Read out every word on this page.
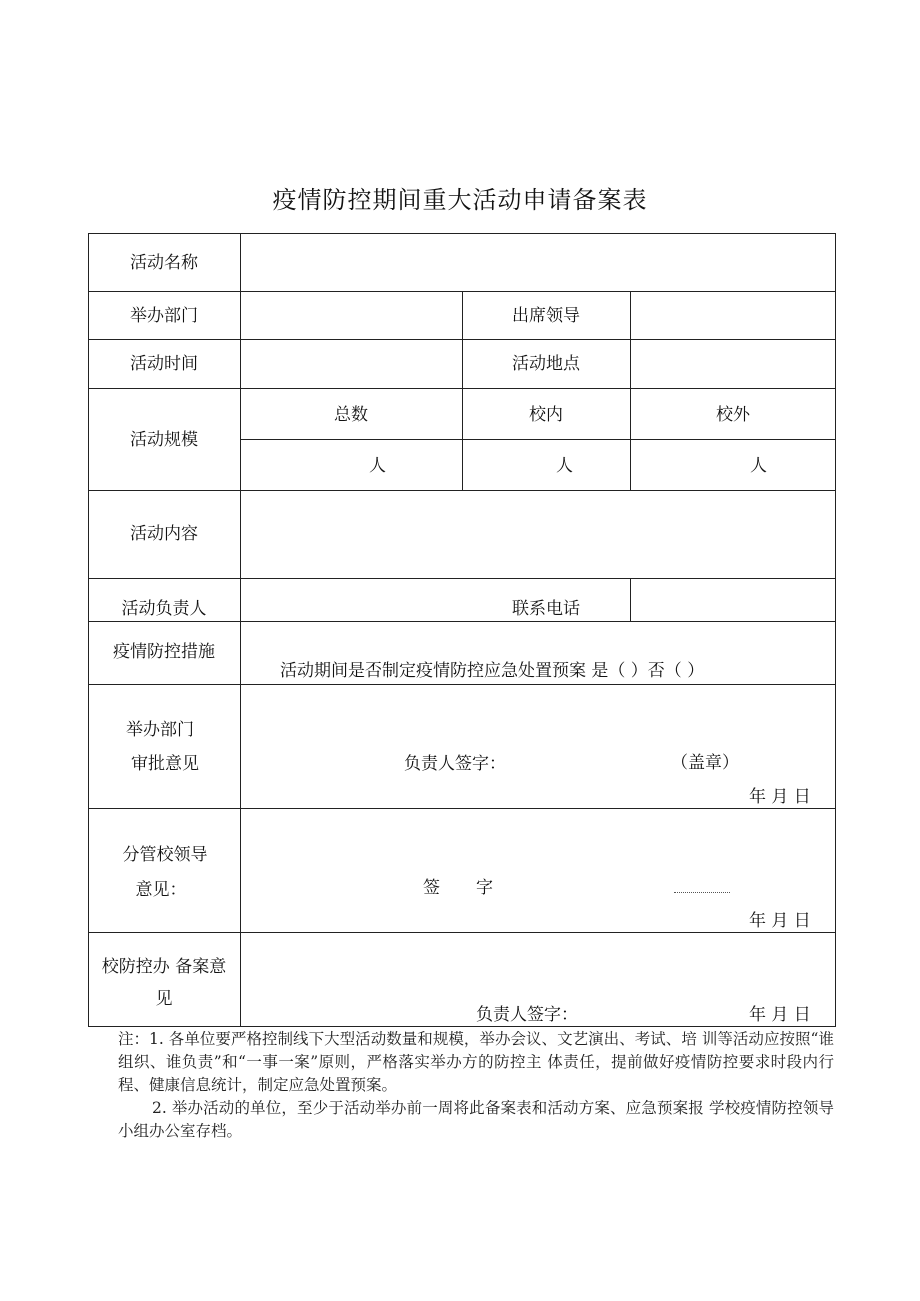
疫情防控期间重大活动申请备案表
活动名称
举办部门	出席领导
活动时间	活动地点
活动规模
总数	校内	校外
人	人	人
活动内容
活动负责人	联系电话
疫情防控措施
活动期间是否制定疫情防控应急处置预案 是（ ）否（ ）
举办部门
审批意见	负责人签字：	（盖章）
年 月 日
分管校领导
意见：	签 字
年 月 日
校防控办 备案意
见
负责人签字：	年 月 日

注：1. 各单位要严格控制线下大型活动数量和规模，举办会议、文艺演出、考试、培 训等活动应按照“谁组织、谁负责”和“一事一案”原则，严格落实举办方的防控主 体责任，提前做好疫情防控要求时段内行程、健康信息统计，制定应急处置预案。

2. 举办活动的单位，至少于活动举办前一周将此备案表和活动方案、应急预案报 学校疫情防控领导小组办公室存档。
